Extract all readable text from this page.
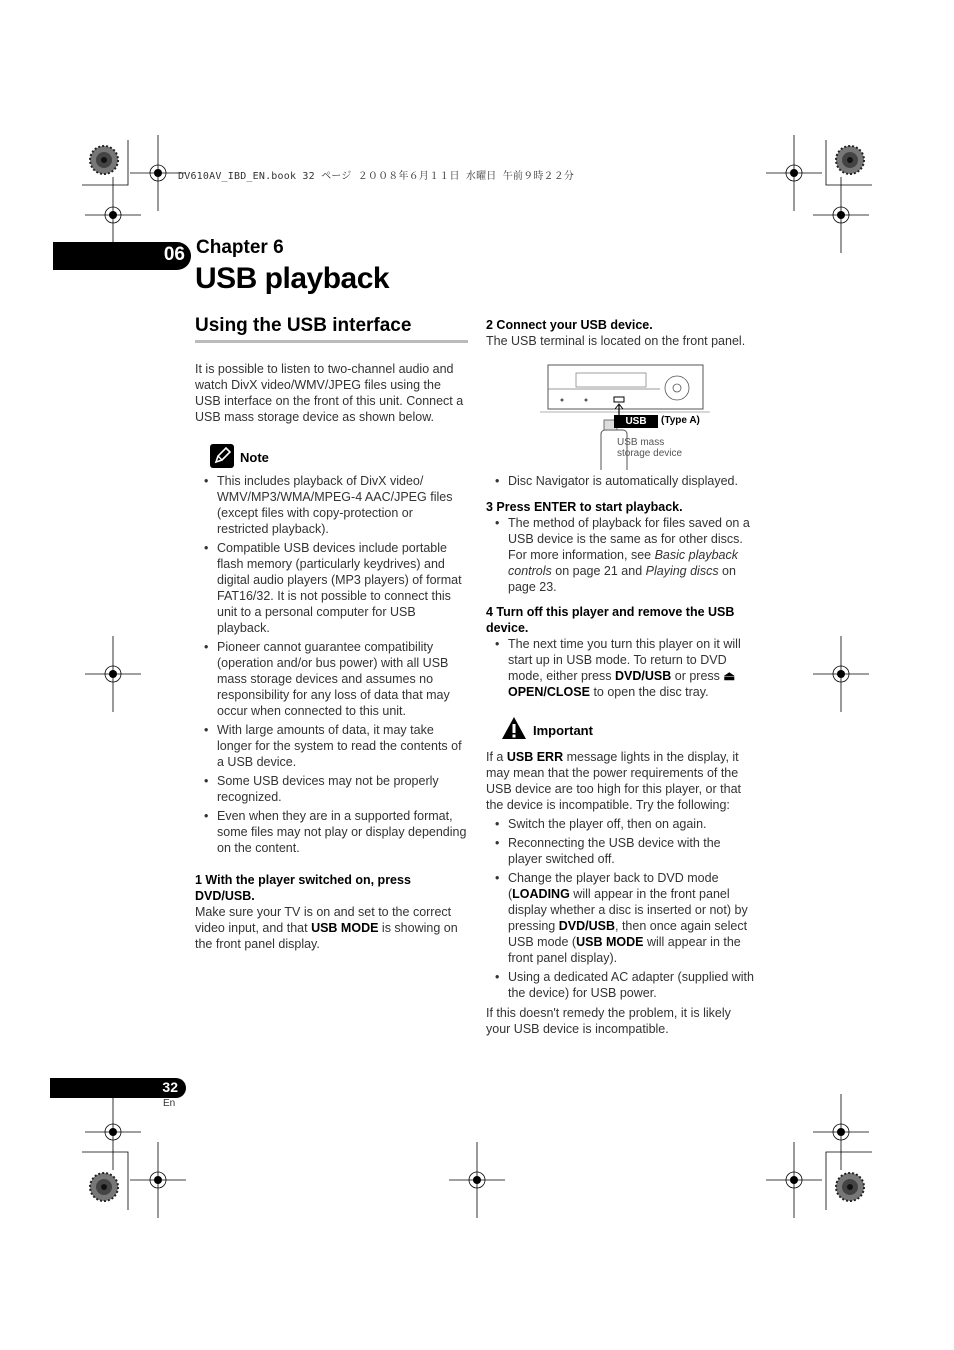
DV610AV_IBD_EN.book 32 ページ ２００８年６月１１日 水曜日 午前９時２２分
06 Chapter 6
USB playback
Using the USB interface
It is possible to listen to two-channel audio and watch DivX video/WMV/JPEG files using the USB interface on the front of this unit. Connect a USB mass storage device as shown below.
Note
• This includes playback of DivX video/ WMV/MP3/WMA/MPEG-4 AAC/JPEG files (except files with copy-protection or restricted playback).
• Compatible USB devices include portable flash memory (particularly keydrives) and digital audio players (MP3 players) of format FAT16/32. It is not possible to connect this unit to a personal computer for USB playback.
• Pioneer cannot guarantee compatibility (operation and/or bus power) with all USB mass storage devices and assumes no responsibility for any loss of data that may occur when connected to this unit.
• With large amounts of data, it may take longer for the system to read the contents of a USB device.
• Some USB devices may not be properly recognized.
• Even when they are in a supported format, some files may not play or display depending on the content.
1 With the player switched on, press DVD/USB.
Make sure your TV is on and set to the correct video input, and that USB MODE is showing on the front panel display.
2 Connect your USB device.
The USB terminal is located on the front panel.
USB	(Type A)
USB mass
storage device
• Disc Navigator is automatically displayed.
3 Press ENTER to start playback.
• The method of playback for files saved on a USB device is the same as for other discs. For more information, see Basic playback controls on page 21 and Playing discs on page 23.
4 Turn off this player and remove the USB device.
• The next time you turn this player on it will start up in USB mode. To return to DVD mode, either press DVD/USB or press ⏏ OPEN/CLOSE to open the disc tray.
Important
If a USB ERR message lights in the display, it may mean that the power requirements of the USB device are too high for this player, or that the device is incompatible. Try the following:
• Switch the player off, then on again.
• Reconnecting the USB device with the player switched off.
• Change the player back to DVD mode (LOADING will appear in the front panel display whether a disc is inserted or not) by pressing DVD/USB, then once again select USB mode (USB MODE will appear in the front panel display).
• Using a dedicated AC adapter (supplied with the device) for USB power.
If this doesn't remedy the problem, it is likely your USB device is incompatible.
32
En
